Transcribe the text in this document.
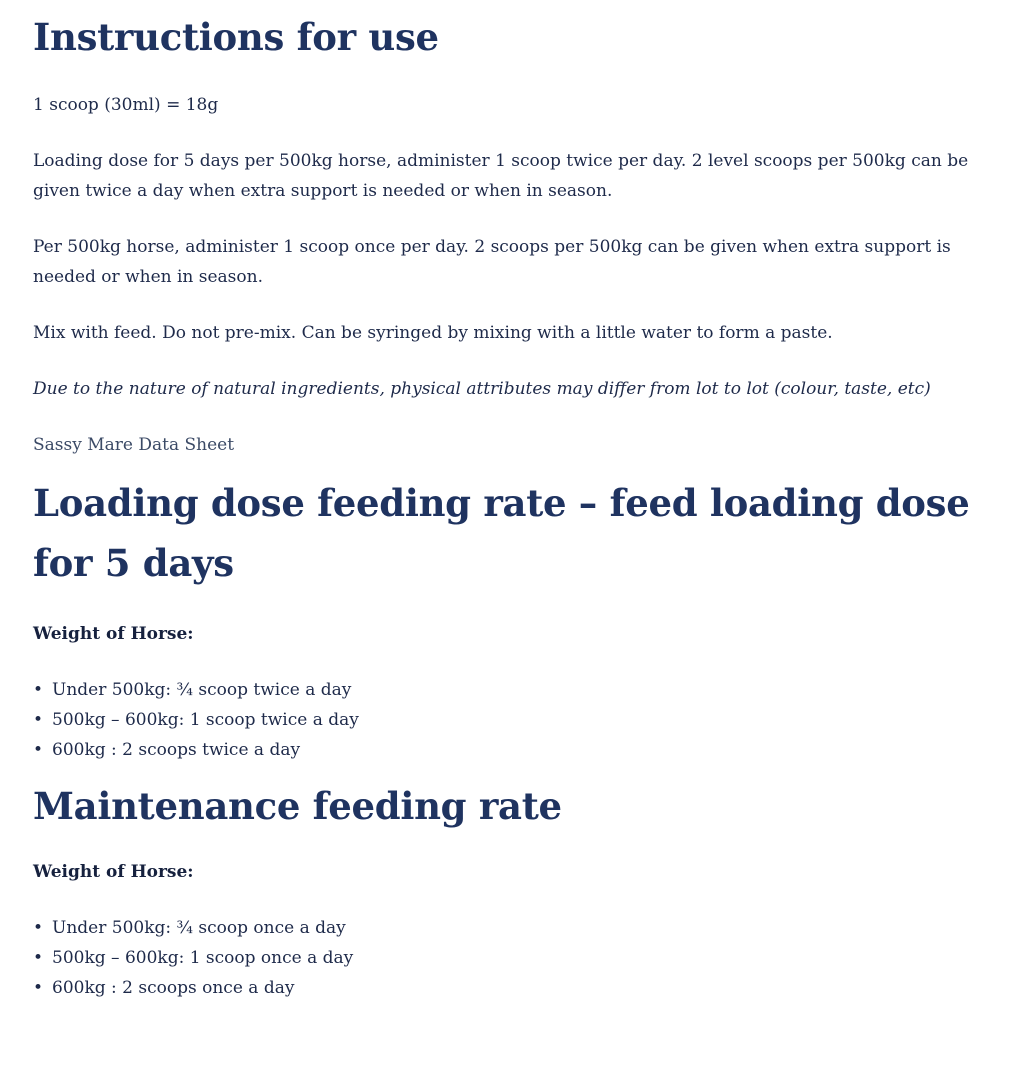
Instructions for use

1 scoop (30ml) = 18g

Loading dose for 5 days per 500kg horse, administer 1 scoop twice per day. 2 level scoops per 500kg can be given twice a day when extra support is needed or when in season.

Per 500kg horse, administer 1 scoop once per day. 2 scoops per 500kg can be given when extra support is needed or when in season.

Mix with feed. Do not pre-mix. Can be syringed by mixing with a little water to form a paste.

Due to the nature of natural ingredients, physical attributes may differ from lot to lot (colour, taste, etc)

Sassy Mare Data Sheet
Loading dose feeding rate – feed loading dose for 5 days
Weight of Horse:
• Under 500kg: ¾ scoop twice a day
• 500kg – 600kg: 1 scoop twice a day
• 600kg : 2 scoops twice a day
Maintenance feeding rate
Weight of Horse:
• Under 500kg: ¾ scoop once a day
• 500kg – 600kg: 1 scoop once a day
• 600kg : 2 scoops once a day
